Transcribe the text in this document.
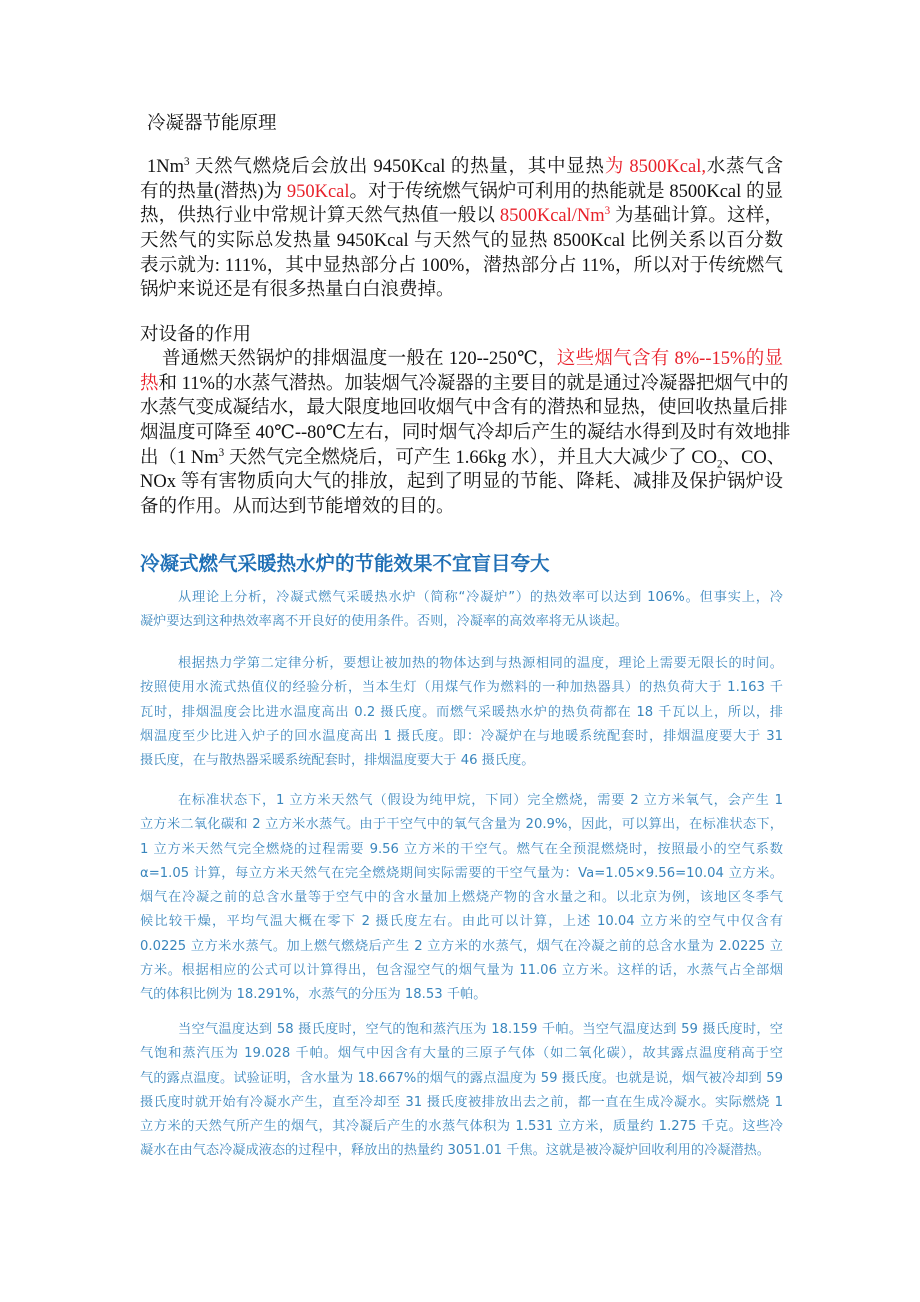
冷凝器节能原理
1Nm$^3$ 天然气燃烧后会放出 9450Kcal 的热量，其中显热为 8500Kcal,水蒸气含
有的热量(潜热)为 950Kcal。对于传统燃气锅炉可利用的热能就是 8500Kcal 的显
热，供热行业中常规计算天然气热值一般以 8500Kcal/Nm$^3$ 为基础计算。这样，
天然气的实际总发热量 9450Kcal 与天然气的显热 8500Kcal 比例关系以百分数
表示就为: 111%，其中显热部分占 100%，潜热部分占 11%，所以对于传统燃气
锅炉来说还是有很多热量白白浪费掉。
对设备的作用
普通燃天然锅炉的排烟温度一般在 120--250℃，这些烟气含有 8%--15%的显
热和 11%的水蒸气潜热。加装烟气冷凝器的主要目的就是通过冷凝器把烟气中的
水蒸气变成凝结水，最大限度地回收烟气中含有的潜热和显热，使回收热量后排
烟温度可降至 40℃--80℃左右，同时烟气冷却后产生的凝结水得到及时有效地排
出（1 Nm$^3$ 天然气完全燃烧后，可产生 1.66kg 水），并且大大减少了 $CO_2$、CO、
NOx 等有害物质向大气的排放，起到了明显的节能、降耗、减排及保护锅炉设
备的作用。从而达到节能增效的目的。
冷凝式燃气采暖热水炉的节能效果不宜盲目夸大
从理论上分析，冷凝式燃气采暖热水炉（简称“冷凝炉”）的热效率可以达到 106%。但事实上，冷
凝炉要达到这种热效率离不开良好的使用条件。否则，冷凝率的高效率将无从谈起。
根据热力学第二定律分析，要想让被加热的物体达到与热源相同的温度，理论上需要无限长的时间。
按照使用水流式热值仪的经验分析，当本生灯（用煤气作为燃料的一种加热器具）的热负荷大于 1.163 千
瓦时，排烟温度会比进水温度高出 0.2 摄氏度。而燃气采暖热水炉的热负荷都在 18 千瓦以上，所以，排
烟温度至少比进入炉子的回水温度高出 1 摄氏度。即：冷凝炉在与地暖系统配套时，排烟温度要大于 31
摄氏度，在与散热器采暖系统配套时，排烟温度要大于 46 摄氏度。
在标准状态下，1 立方米天然气（假设为纯甲烷，下同）完全燃烧，需要 2 立方米氧气，会产生 1
立方米二氧化碳和 2 立方米水蒸气。由于干空气中的氧气含量为 20.9%，因此，可以算出，在标准状态下，
1 立方米天然气完全燃烧的过程需要 9.56 立方米的干空气。燃气在全预混燃烧时，按照最小的空气系数
α=1.05 计算，每立方米天然气在完全燃烧期间实际需要的干空气量为：Va=1.05×9.56=10.04 立方米。
烟气在冷凝之前的总含水量等于空气中的含水量加上燃烧产物的含水量之和。以北京为例，该地区冬季气
候比较干燥，平均气温大概在零下 2 摄氏度左右。由此可以计算，上述 10.04 立方米的空气中仅含有
0.0225 立方米水蒸气。加上燃气燃烧后产生 2 立方米的水蒸气，烟气在冷凝之前的总含水量为 2.0225 立
方米。根据相应的公式可以计算得出，包含湿空气的烟气量为 11.06 立方米。这样的话，水蒸气占全部烟
气的体积比例为 18.291%，水蒸气的分压为 18.53 千帕。
当空气温度达到 58 摄氏度时，空气的饱和蒸汽压为 18.159 千帕。当空气温度达到 59 摄氏度时，空
气饱和蒸汽压为 19.028 千帕。烟气中因含有大量的三原子气体（如二氧化碳），故其露点温度稍高于空
气的露点温度。试验证明，含水量为 18.667%的烟气的露点温度为 59 摄氏度。也就是说，烟气被冷却到 59
摄氏度时就开始有冷凝水产生，直至冷却至 31 摄氏度被排放出去之前，都一直在生成冷凝水。实际燃烧 1
立方米的天然气所产生的烟气，其冷凝后产生的水蒸气体积为 1.531 立方米，质量约 1.275 千克。这些冷
凝水在由气态冷凝成液态的过程中，释放出的热量约 3051.01 千焦。这就是被冷凝炉回收利用的冷凝潜热。
